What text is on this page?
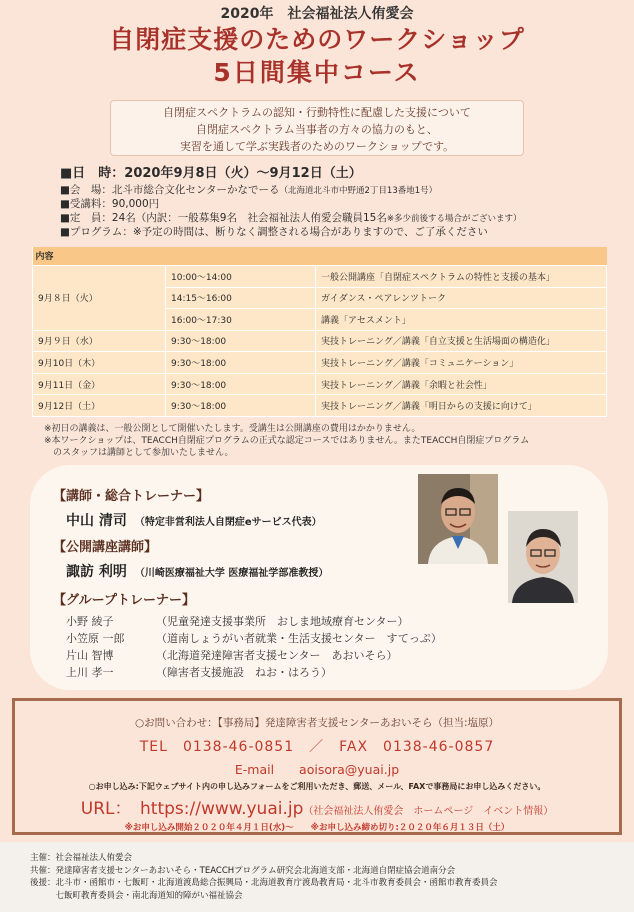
2020年　社会福祉法人侑愛会
自閉症支援のためのワークショップ
5日間集中コース
自閉症スペクトラムの認知・行動特性に配慮した支援について
自閉症スペクトラム当事者の方々の協力のもと、
実習を通して学ぶ実践者のためのワークショップです。
■日　時：2020年9月8日（火）～9月12日（土）
■会　場：北斗市総合文化センターかなでーる（北海道北斗市中野通2丁目13番地1号）
■受講料：90,000円
■定　員：24名（内訳：一般募集9名　社会福祉法人侑愛会職員15名※多少前後する場合がございます）
■プログラム：※予定の時間は、断りなく調整される場合がありますので、ご了承ください
内容		
9月８日（火）	10:00～14:00	一般公開講座「自閉症スペクトラムの特性と支援の基本」
	14:15～16:00	ガイダンス・ペアレンツトーク
	16:00～17:30	講義「アセスメント」
9月９日（水）	9:30～18:00	実技トレーニング／講義「自立支援と生活場面の構造化」
9月10日（木）	9:30～18:00	実技トレーニング／講義「コミュニケーション」
9月11日（金）	9:30～18:00	実技トレーニング／講義「余暇と社会性」
9月12日（土）	9:30～18:00	実技トレーニング／講義「明日からの支援に向けて」
※初日の講義は、一般公開として開催いたします。受講生は公開講座の費用はかかりません。
※本ワークショップは、TEACCH自閉症プログラムの正式な認定コースではありません。またTEACCH自閉症プログラム
　のスタッフは講師として参加いたしません。
【講師・総合トレーナー】
中山 清司 （特定非営利法人自閉症eサービス代表）
【公開講座講師】
諏訪 利明 （川崎医療福祉大学 医療福祉学部准教授）
【グループトレーナー】
小野 綾子	（児童発達支援事業所　おしま地域療育センター）
小笠原 一郎	（道南しょうがい者就業・生活支援センター　すてっぷ）
片山 智博	（北海道発達障害者支援センター　あおいそら）
上川 孝一	（障害者支援施設　ねお・はろう）
○お問い合わせ：【事務局】発達障害者支援センターあおいそら（担当:塩原）
TEL　0138-46-0851　／　FAX　0138-46-0857
E-mail　　aoisora@yuai.jp
○お申し込み:下記ウェブサイト内の申し込みフォームをご利用いただき、郵送、メール、FAXで事務局にお申し込みください。
URL：　https://www.yuai.jp（社会福祉法人侑愛会　ホームページ　イベント情報）
※お申し込み開始２０２０年４月１日(水)～　　※お申し込み締め切り:２０２０年６月１３日（土）
主催：社会福祉法人侑愛会
共催：発達障害者支援センターあおいそら・TEACCHプログラム研究会北海道支部・北海道自閉症協会道南分会
後援：北斗市・函館市・七飯町・北海道渡島総合振興局・北海道教育庁渡島教育局・北斗市教育委員会・函館市教育委員会
　　　七飯町教育委員会・南北海道知的障がい福祉協会
